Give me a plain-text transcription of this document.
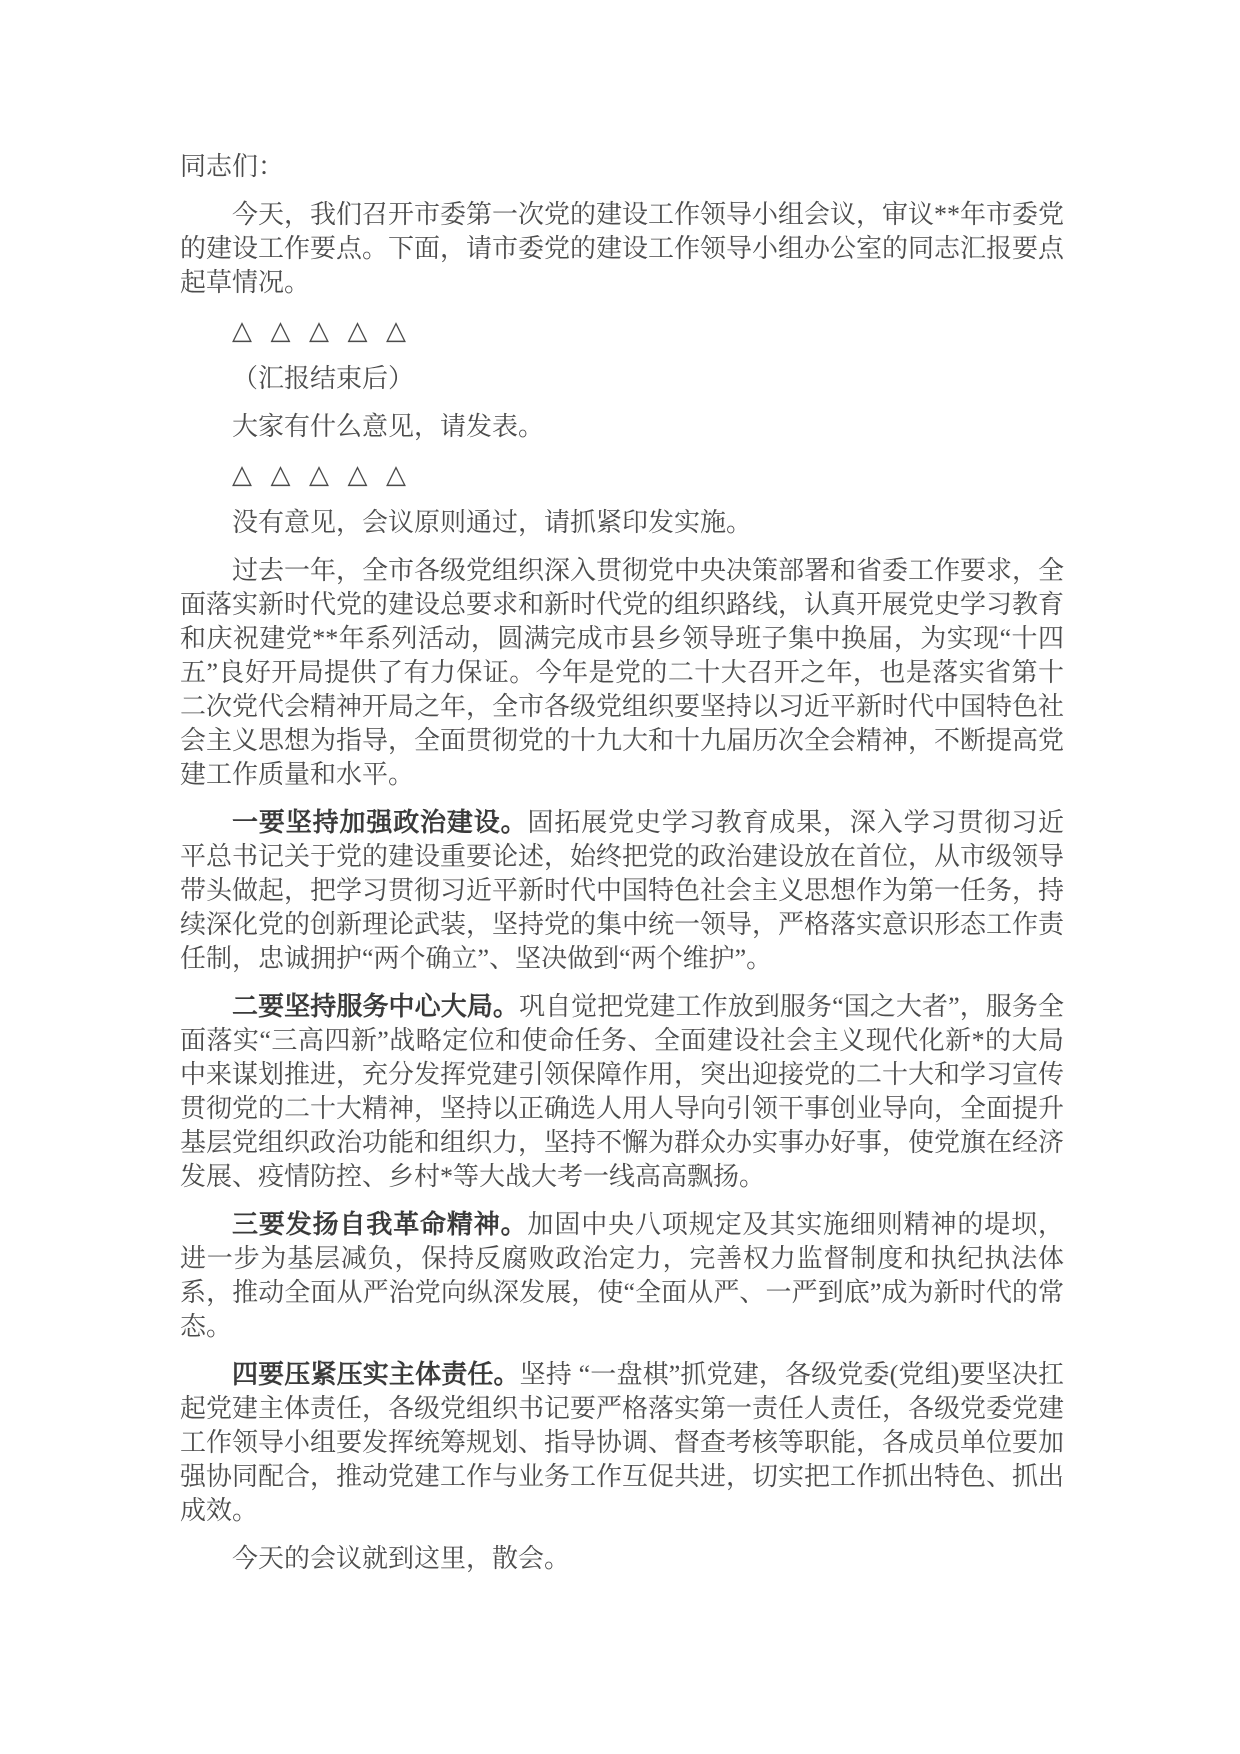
同志们：

今天，我们召开市委第一次党的建设工作领导小组会议，审议**年市委党的建设工作要点。下面，请市委党的建设工作领导小组办公室的同志汇报要点起草情况。

△ △ △ △ △

（汇报结束后）

大家有什么意见，请发表。

△ △ △ △ △

没有意见，会议原则通过，请抓紧印发实施。

过去一年，全市各级党组织深入贯彻党中央决策部署和省委工作要求，全面落实新时代党的建设总要求和新时代党的组织路线，认真开展党史学习教育和庆祝建党**年系列活动，圆满完成市县乡领导班子集中换届，为实现“十四五”良好开局提供了有力保证。今年是党的二十大召开之年，也是落实省第十二次党代会精神开局之年，全市各级党组织要坚持以习近平新时代中国特色社会主义思想为指导，全面贯彻党的十九大和十九届历次全会精神，不断提高党建工作质量和水平。

一要坚持加强政治建设。固拓展党史学习教育成果，深入学习贯彻习近平总书记关于党的建设重要论述，始终把党的政治建设放在首位，从市级领导带头做起，把学习贯彻习近平新时代中国特色社会主义思想作为第一任务，持续深化党的创新理论武装，坚持党的集中统一领导，严格落实意识形态工作责任制，忠诚拥护“两个确立”、坚决做到“两个维护”。

二要坚持服务中心大局。巩自觉把党建工作放到服务“国之大者”，服务全面落实“三高四新”战略定位和使命任务、全面建设社会主义现代化新*的大局中来谋划推进，充分发挥党建引领保障作用，突出迎接党的二十大和学习宣传贯彻党的二十大精神，坚持以正确选人用人导向引领干事创业导向，全面提升基层党组织政治功能和组织力，坚持不懈为群众办实事办好事，使党旗在经济发展、疫情防控、乡村*等大战大考一线高高飘扬。

三要发扬自我革命精神。加固中央八项规定及其实施细则精神的堤坝，进一步为基层减负，保持反腐败政治定力，完善权力监督制度和执纪执法体系，推动全面从严治党向纵深发展，使“全面从严、一严到底”成为新时代的常态。

四要压紧压实主体责任。坚持 “一盘棋”抓党建，各级党委(党组)要坚决扛起党建主体责任，各级党组织书记要严格落实第一责任人责任，各级党委党建工作领导小组要发挥统筹规划、指导协调、督查考核等职能，各成员单位要加强协同配合，推动党建工作与业务工作互促共进，切实把工作抓出特色、抓出成效。

今天的会议就到这里，散会。
